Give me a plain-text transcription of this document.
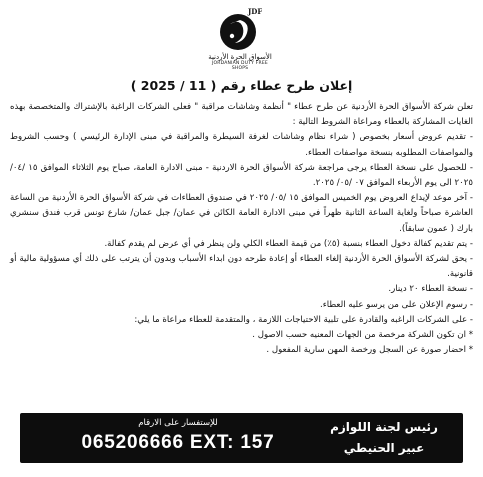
JDF
الأسواق الحرة الأردنية
JORDANIAN DUTY FREE SHOPS
إعلان طرح عطاء رقم ( 11 / 2025 )

تعلن شركة الأسواق الحرة الأردنية عن طرح عطاء " أنظمة وشاشات مراقبة " فعلى الشركات الراغبة بالإشتراك والمتخصصة بهذه الغايات المشاركة بالعطاء ومراعاة الشروط التالية :

- تقديم عروض أسعار بخصوص ( شراء نظام وشاشات لغرفة السيطرة والمراقبة في مبنى الإدارة الرئيسي ) وحسب الشروط والمواصفات المطلوبه بنسخة مواصفات العطاء.

- للحصول على نسخة العطاء يرجى مراجعة شركة الأسواق الحرة الاردنية - مبنى الادارة العامة، صباح يوم الثلاثاء الموافق ١٥ /٠٤/ ٢٠٢٥ الى يوم الأربعاء الموافق ٠٧ /٠٥/ ٢٠٢٥.

- آخر موعد لإيداع العروض يوم الخميس الموافق ١٥ /٠٥/ ٢٠٢٥ في صندوق العطاءات في شركة الأسواق الحرة الأردنية من الساعة العاشرة صباحاً ولغاية الساعة الثانية ظهراً في مبنى الادارة العامة الكائن في عمان/ جبل عمان/ شارع تونس قرب فندق سنشري بارك ( عمون سابقاً).

- يتم تقديم كفالة دخول العطاء بنسبة (٥٪) من قيمة العطاء الكلي ولن ينظر في أي عرض لم يقدم كفالة.

- يحق لشركة الأسواق الحرة الأردنية إلغاء العطاء أو إعادة طرحه دون ابداء الأسباب وبدون أن يترتب على ذلك أي مسؤولية مالية أو قانونية.

- نسخة العطاء ٢٠ دينار.

- رسوم الإعلان على من يرسو عليه العطاء.

- على الشركات الراغبه والقادرة على تلبية الاحتياجات اللازمة ، والمتقدمة للعطاء مراعاة ما يلي:

* ان تكون الشركة مرخصة من الجهات المعنيه حسب الاصول .

* احضار صورة عن السجل ورخصة المهن سارية المفعول .

رئيس لجنة اللوازم
عبير الحنيطي
للإستفسار على الارقام
065206666 EXT: 157
